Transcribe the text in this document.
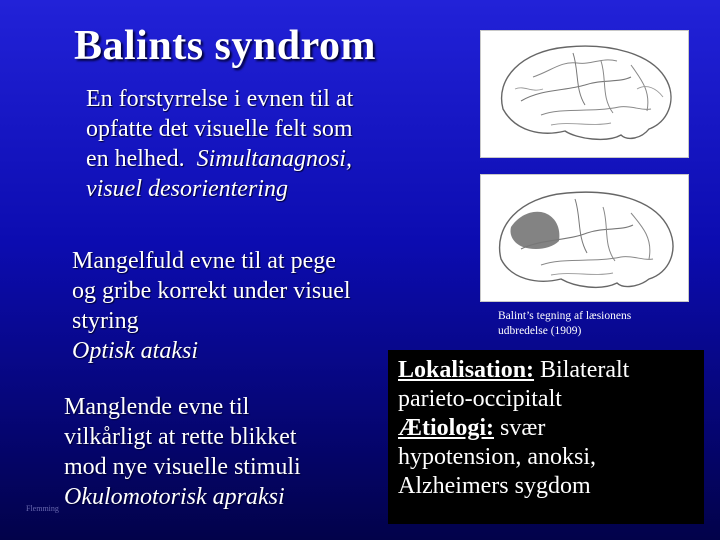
Balints syndrom
En forstyrrelse i evnen til at
opfatte det visuelle felt som
en helhed. Simultanagnosi,
visuel desorientering
Mangelfuld evne til at pege
og gribe korrekt under visuel
styring
Optisk ataksi
Manglende evne til
vilkårligt at rette blikket
mod nye visuelle stimuli
Okulomotorisk apraksi
Balint’s tegning af læsionens
udbredelse (1909)
Lokalisation: Bilateralt
parieto-occipitalt
Ætiologi: svær
hypotension, anoksi,
Alzheimers sygdom
Flemming
